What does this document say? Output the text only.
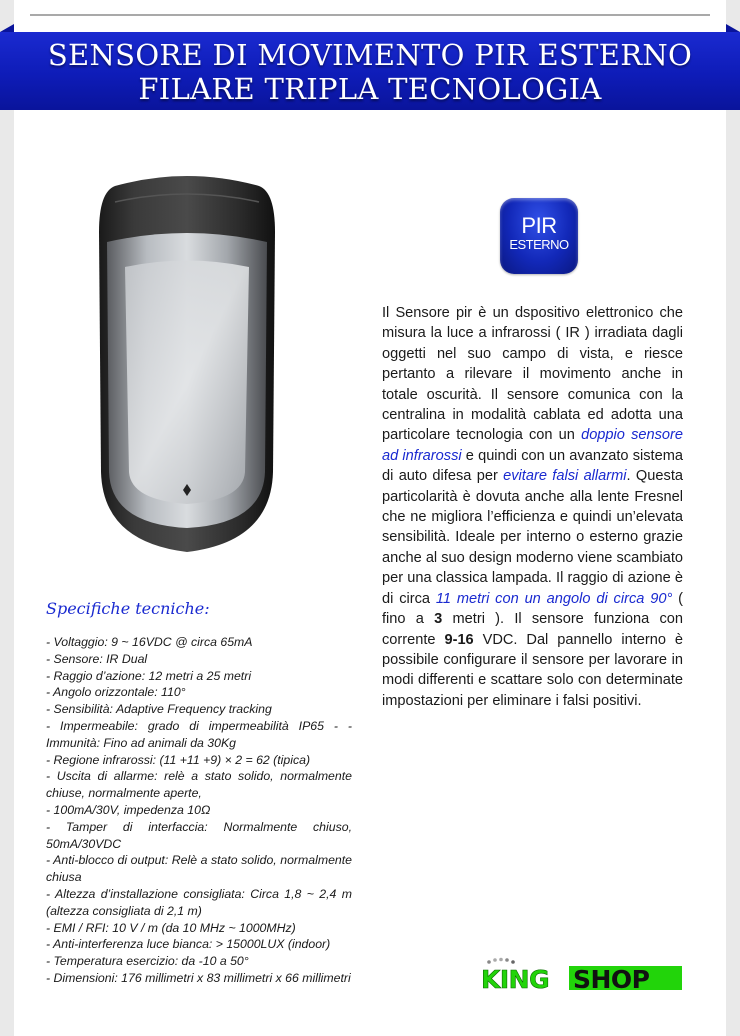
SENSORE DI MOVIMENTO PIR ESTERNO
FILARE TRIPLA TECNOLOGIA
PIR
ESTERNO

Il Sensore pir è un dspositivo elettronico che misura la luce a infrarossi ( IR ) irradiata dagli oggetti nel suo campo di vista, e riesce pertanto a rilevare il movimento anche in totale oscurità. Il sensore comunica con la centralina in modalità cablata ed adotta una particolare tecnologia con un doppio sensore ad infrarossi e quindi con un avanzato sistema di auto difesa per evitare falsi allarmi. Questa particolarità è dovuta anche alla lente Fresnel che ne migliora l’efficienza e quindi un’elevata sensibilità. Ideale per interno o esterno grazie anche al suo design moderno viene scambiato per una classica lampada. Il raggio di azione è di circa 11 metri con un angolo di circa 90° ( fino a 3 metri ). Il sensore funziona con corrente 9-16 VDC. Dal pannello interno è possibile configurare il sensore per lavorare in modi differenti e scattare solo con determinate impostazioni per eliminare i falsi positivi.

Specifiche tecniche:
- Voltaggio: 9 ~ 16VDC @ circa 65mA
- Sensore: IR Dual
- Raggio d’azione: 12 metri a 25 metri
- Angolo orizzontale: 110°
- Sensibilità: Adaptive Frequency tracking
- Impermeabile: grado di impermeabilità IP65 - -Immunità: Fino ad animali da 30Kg
- Regione infrarossi: (11 +11 +9) × 2 = 62 (tipica)
- Uscita di allarme: relè a stato solido, normalmente chiuse, normalmente aperte,
- 100mA/30V, impedenza 10Ω
- Tamper di interfaccia: Normalmente chiuso, 50mA/30VDC
- Anti-blocco di output: Relè a stato solido, normalmente chiusa
- Altezza d’installazione consigliata: Circa 1,8 ~ 2,4 m (altezza consigliata di 2,1 m)
- EMI / RFI: 10 V / m (da 10 MHz ~ 1000MHz)
- Anti-interferenza luce bianca: > 15000LUX (indoor)
- Temperatura esercizio: da -10 a 50°
- Dimensioni: 176 millimetri x 83 millimetri x 66 millimetri	KING SHOP
